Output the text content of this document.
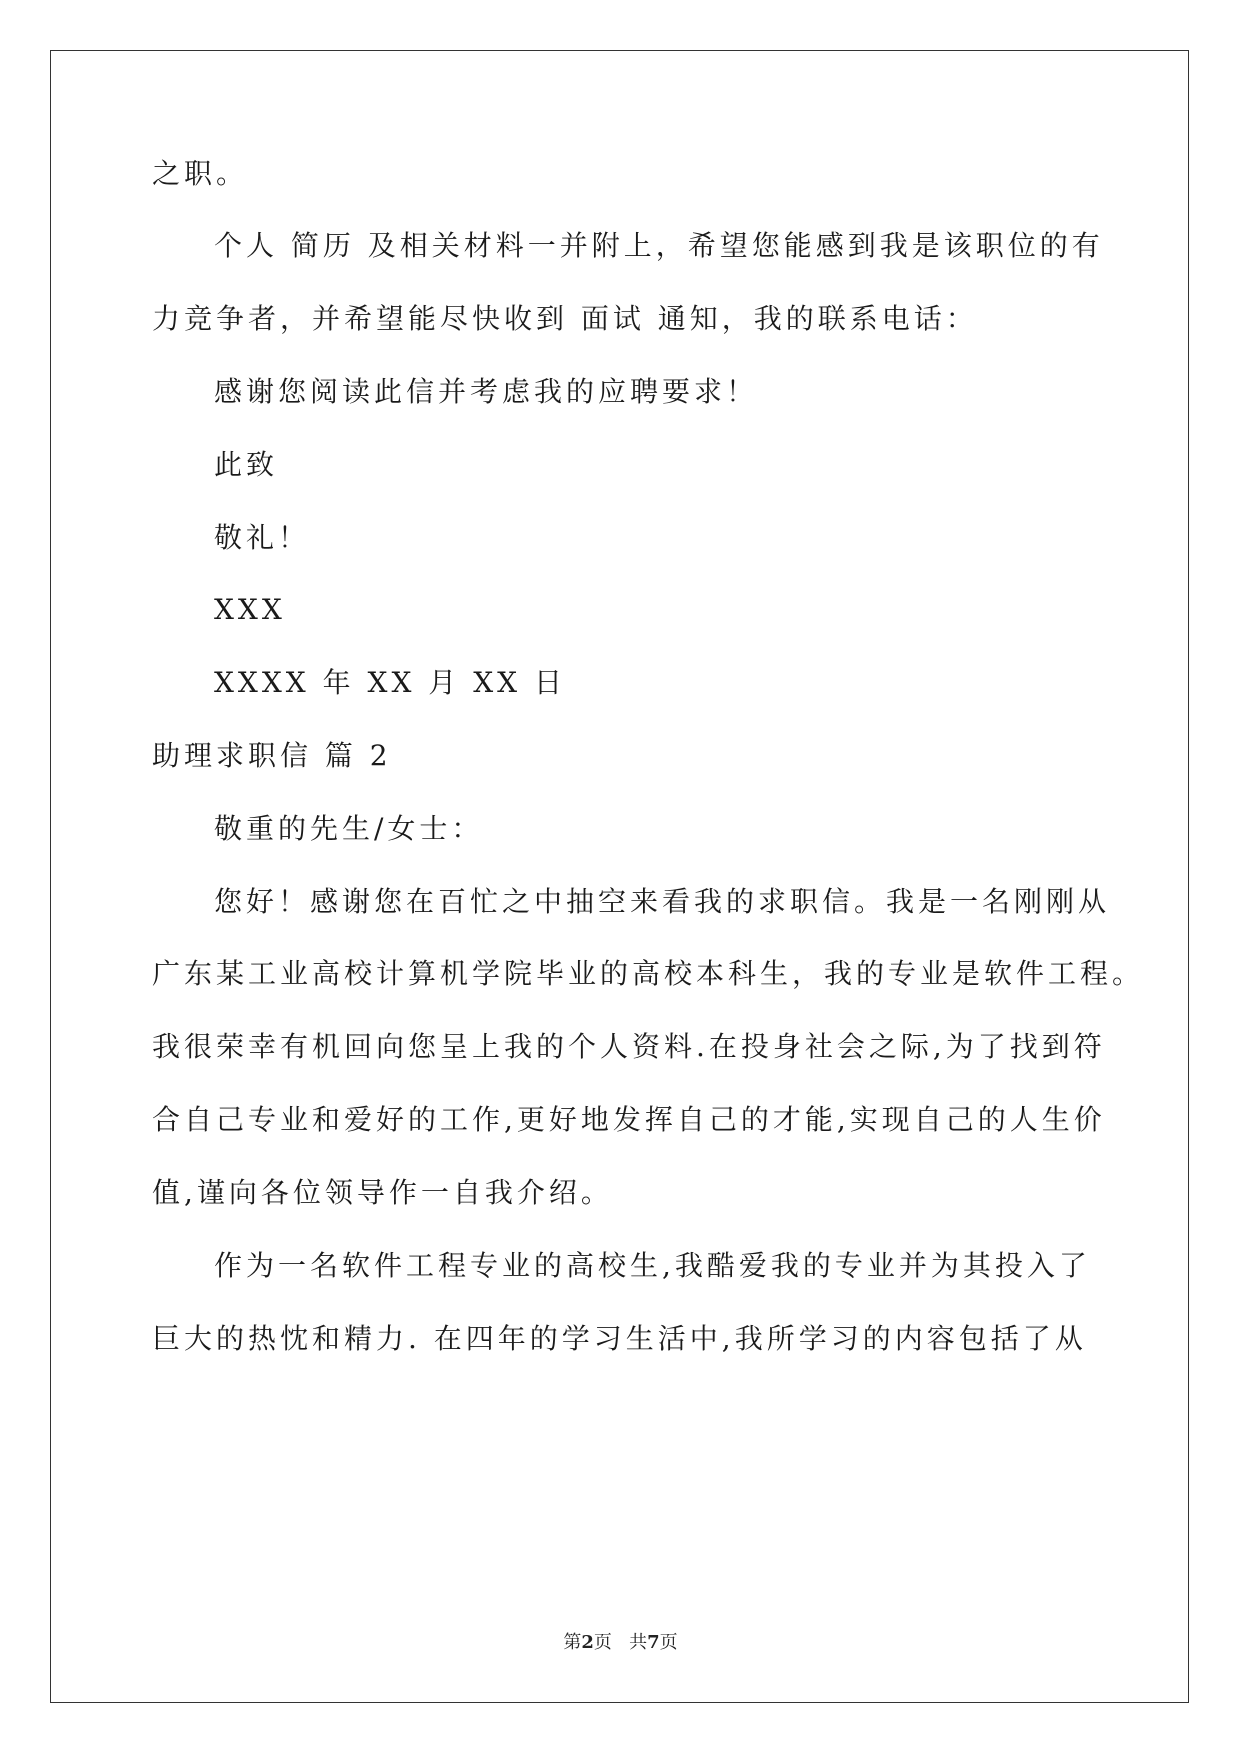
之职。
个人 简历 及相关材料一并附上，希望您能感到我是该职位的有
力竞争者，并希望能尽快收到 面试 通知，我的联系电话：
感谢您阅读此信并考虑我的应聘要求！
此致
敬礼！
XXX
XXXX 年 XX 月 XX 日
助理求职信 篇 2
敬重的先生/女士：
您好！感谢您在百忙之中抽空来看我的求职信。我是一名刚刚从
广东某工业高校计算机学院毕业的高校本科生，我的专业是软件工程。
我很荣幸有机回向您呈上我的个人资料.在投身社会之际,为了找到符
合自己专业和爱好的工作,更好地发挥自己的才能,实现自己的人生价
值,谨向各位领导作一自我介绍。
作为一名软件工程专业的高校生,我酷爱我的专业并为其投入了
巨大的热忱和精力. 在四年的学习生活中,我所学习的内容包括了从
第2页   共7页
